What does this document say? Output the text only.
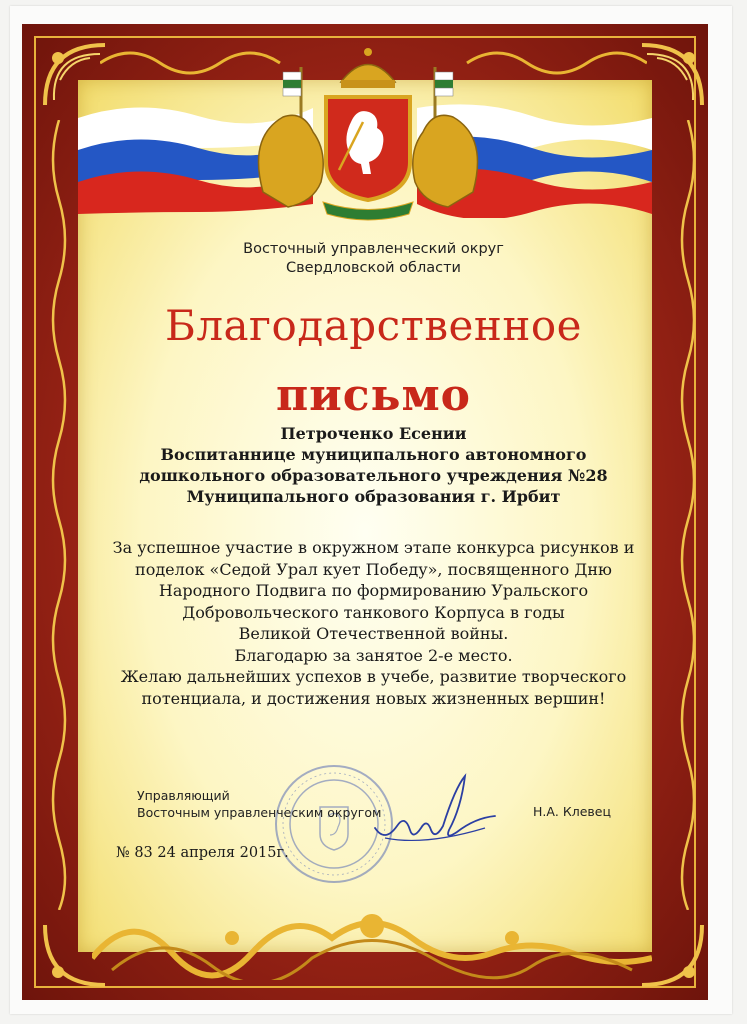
Восточный управленческий округ
Свердловской области
Благодарственное
письмо
Петроченко Есении
Воспитаннице муниципального автономного
дошкольного образовательного учреждения №28
Муниципального образования г. Ирбит
За успешное участие в окружном этапе конкурса рисунков и
поделок «Седой Урал кует Победу», посвященного Дню
Народного Подвига по формированию Уральского
Добровольческого танкового Корпуса в годы
Великой Отечественной войны.
Благодарю за занятое 2-е место.
Желаю дальнейших успехов в учебе, развитие творческого
потенциала, и достижения новых жизненных вершин!
Управляющий
Восточным управленческим округом	Н.А. Клевец
№ 83 24 апреля 2015г.
